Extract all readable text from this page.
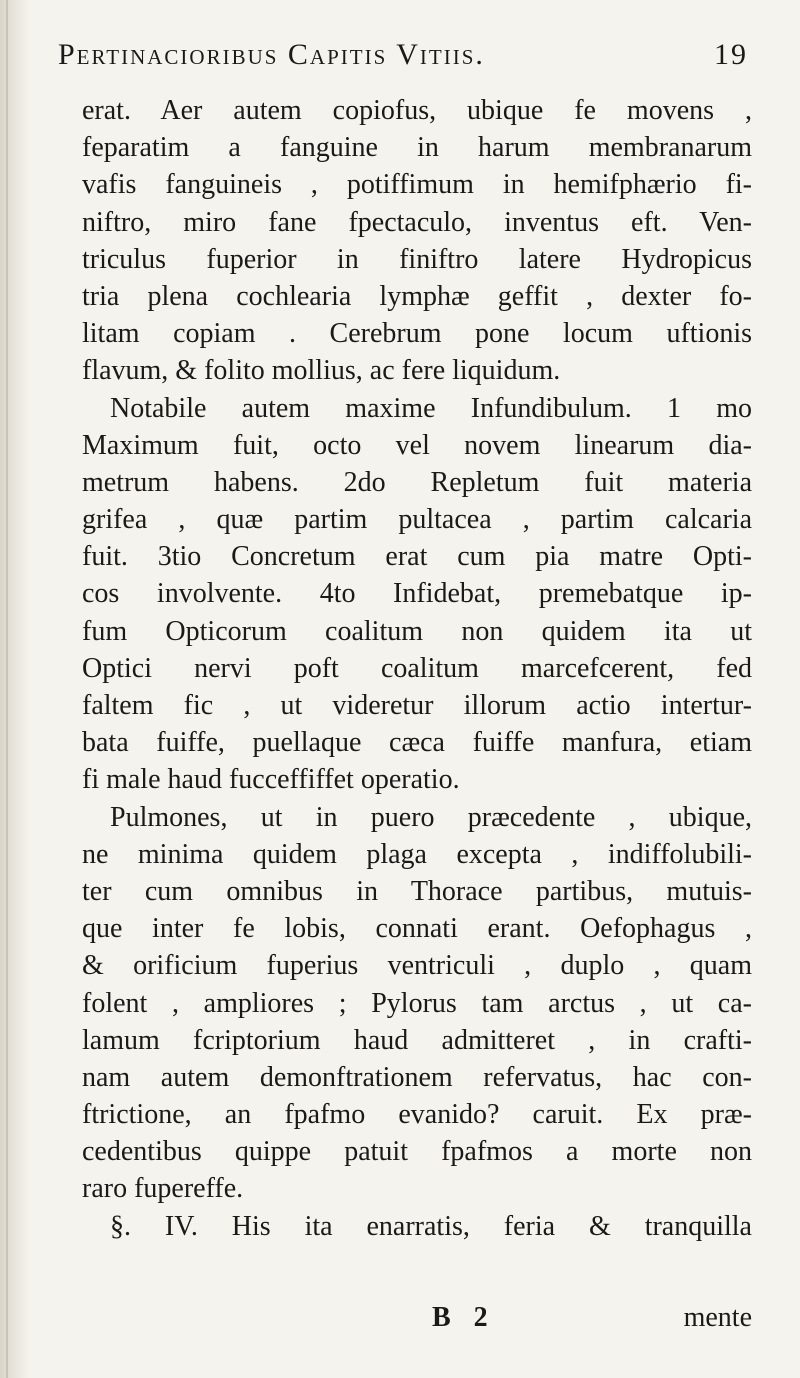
Pertinacioribus Capitis Vitiis.	19
erat. Aer autem copiofus, ubique fe movens ,
feparatim a fanguine in harum membranarum
vafis fanguineis , potiffimum in hemifphærio fi-
niftro, miro fane fpectaculo, inventus eft. Ven-
triculus fuperior in finiftro latere Hydropicus
tria plena cochlearia lymphæ geffit , dexter fo-
litam copiam . Cerebrum pone locum uftionis
flavum, & folito mollius, ac fere liquidum.
Notabile autem maxime Infundibulum. 1 mo
Maximum fuit, octo vel novem linearum dia-
metrum habens. 2do Repletum fuit materia
grifea , quæ partim pultacea , partim calcaria
fuit. 3tio Concretum erat cum pia matre Opti-
cos involvente. 4to Infidebat, premebatque ip-
fum Opticorum coalitum non quidem ita ut
Optici nervi poft coalitum marcefcerent, fed
faltem fic , ut videretur illorum actio intertur-
bata fuiffe, puellaque cæca fuiffe manfura, etiam
fi male haud fucceffiffet operatio.
Pulmones, ut in puero præcedente , ubique,
ne minima quidem plaga excepta , indiffolubili-
ter cum omnibus in Thorace partibus, mutuis-
que inter fe lobis, connati erant. Oefophagus ,
& orificium fuperius ventriculi , duplo , quam
folent , ampliores ; Pylorus tam arctus , ut ca-
lamum fcriptorium haud admitteret , in crafti-
nam autem demonftrationem refervatus, hac con-
ftrictione, an fpafmo evanido? caruit. Ex præ-
cedentibus quippe patuit fpafmos a morte non
raro fupereffe.
§. IV. His ita enarratis, feria & tranquilla
B 2	mente
